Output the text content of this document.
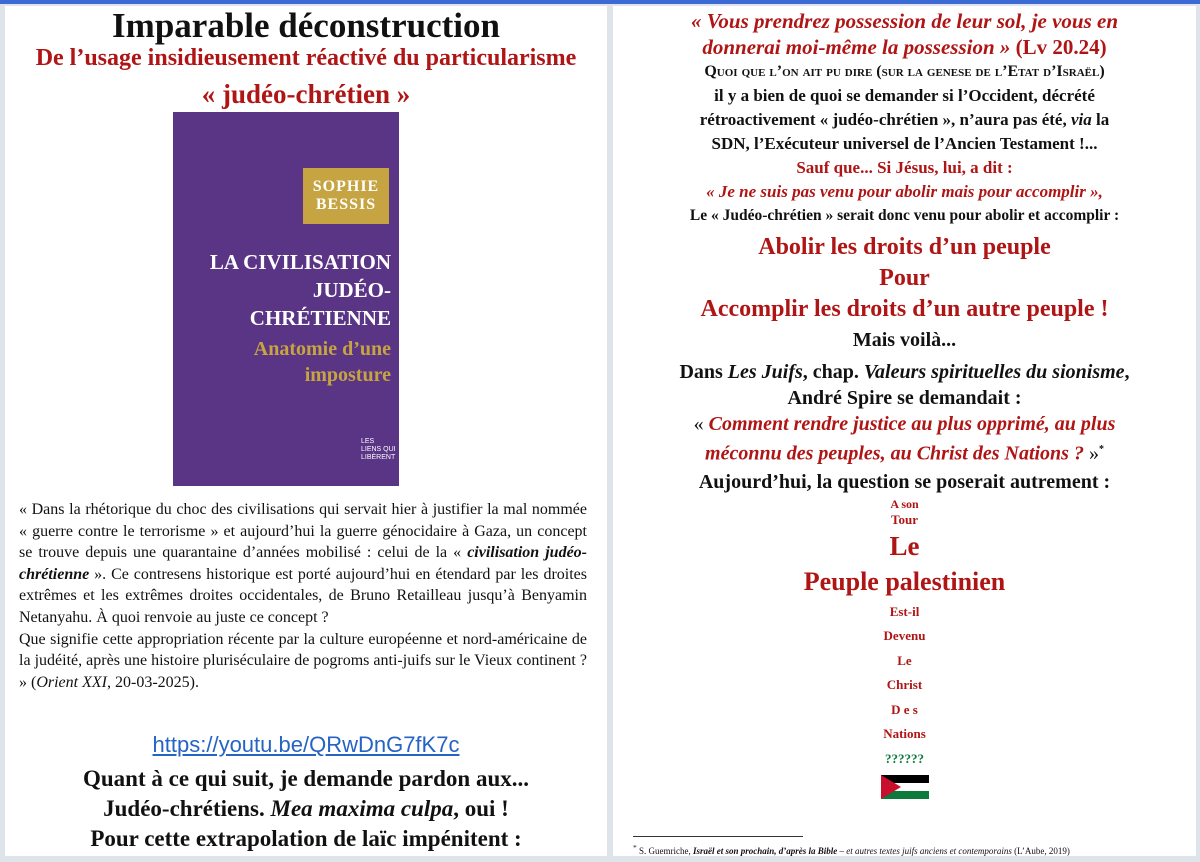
Imparable déconstruction
De l’usage insidieusement réactivé du particularisme
« judéo-chrétien »
SOPHIE
BESSIS
LA CIVILISATION
JUDÉO-
CHRÉTIENNE
Anatomie d’une
imposture
LES
LIENS QUI
LIBÈRENT

« Dans la rhétorique du choc des civilisations qui servait hier à justifier la mal nommée « guerre contre le terrorisme » et aujourd’hui la guerre génocidaire à Gaza, un concept se trouve depuis une quarantaine d’années mobilisé : celui de la « civilisation judéo-chrétienne ». Ce contresens historique est porté aujourd’hui en étendard par les droites extrêmes et les extrêmes droites occidentales, de Bruno Retailleau jusqu’à Benyamin Netanyahu. À quoi renvoie au juste ce concept ?

Que signifie cette appropriation récente par la culture européenne et nord-américaine de la judéité, après une histoire pluriséculaire de pogroms anti-juifs sur le Vieux continent ? » (Orient XXI, 20-03-2025).

https://youtu.be/QRwDnG7fK7c
Quant à ce qui suit, je demande pardon aux...
Judéo-chrétiens. Mea maxima culpa, oui !
Pour cette extrapolation de laïc impénitent :
« Vous prendrez possession de leur sol, je vous en
donnerai moi-même la possession » (Lv 20.24)
Quoi que l’on ait pu dire (sur la genese de l’Etat d’Israël)
il y a bien de quoi se demander si l’Occident, décrété
rétroactivement « judéo-chrétien », n’aura pas été, via la
SDN, l’Exécuteur universel de l’Ancien Testament !...
Sauf que... Si Jésus, lui, a dit :
« Je ne suis pas venu pour abolir mais pour accomplir »,
Le « Judéo-chrétien » serait donc venu pour abolir et accomplir :
Abolir les droits d’un peuple
Pour
Accomplir les droits d’un autre peuple !
Mais voilà...
Dans Les Juifs, chap. Valeurs spirituelles du sionisme,
André Spire se demandait :
« Comment rendre justice au plus opprimé, au plus
méconnu des peuples, au Christ des Nations ? »*
Aujourd’hui, la question se poserait autrement :
A son
Tour
Le
Peuple palestinien
Est-il
Devenu
Le
Christ
D e s
Nations
??????
* S. Guemriche, Israël et son prochain, d’après la Bible – et autres textes juifs anciens et contemporains (L’Aube, 2019)
